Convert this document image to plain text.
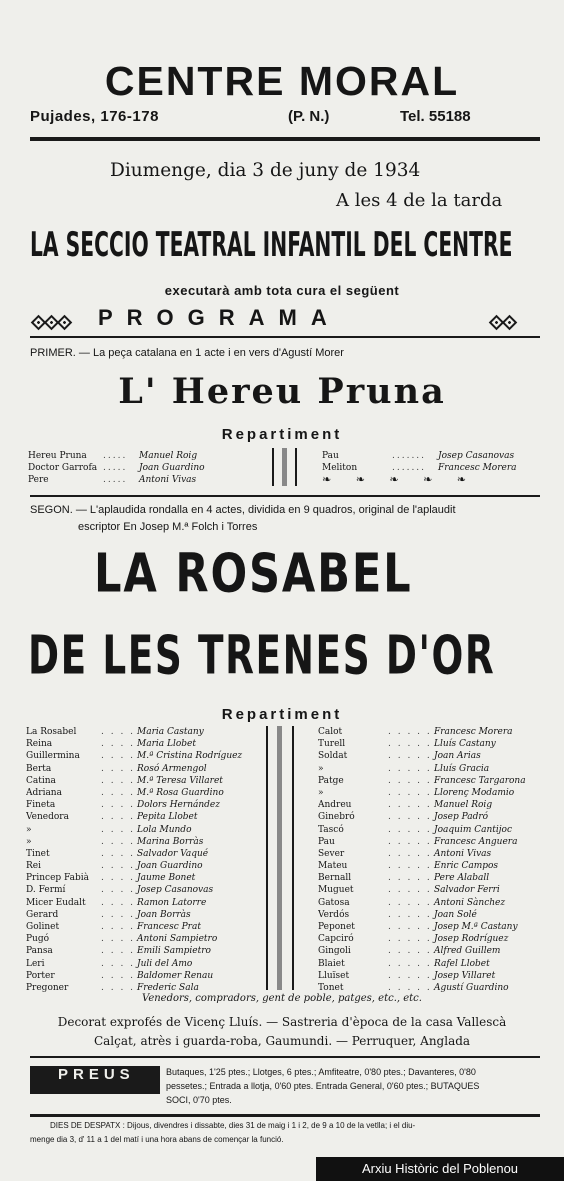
CENTRE MORAL
Pujades, 176-178	(P. N.)	Tel. 55188
Diumenge, dia 3 de juny de 1934
A les 4 de la tarda
LA SECCIO TEATRAL INFANTIL DEL CENTRE
executarà amb tota cura el següent
PROGRAMA
PRIMER. — La peça catalana en 1 acte i en vers d'Agustí Morer
L' Hereu Pruna
Repartiment
Hereu Pruna	.....	Manuel Roig
Doctor Garrofa .....	Joan Guardino
Pere	.....	Antoni Vivas
Pau	.......	Josep Casanovas
Meliton	.......	Francesc Morera
❧       ❧       ❧       ❧       ❧
SEGON. — L'aplaudida rondalla en 4 actes, dividida en 9 quadros, original de l'aplaudit
escriptor En Josep M.ª Folch i Torres
LA ROSABEL
DE LES TRENES D'OR
Repartiment
La Rosabel	. . . . Maria Castany
Reina	. . . . Maria Llobet
Guillermina	. . . . M.ª Cristina Rodríguez
Berta	. . . . Rosó Armengol
Catina	. . . . M.ª Teresa Villaret
Adriana	. . . . M.ª Rosa Guardino
Fineta	. . . . Dolors Hernández
Venedora	. . . . Pepita Llobet
»	. . . . Lola Mundo
»	. . . . Marina Borràs
Tinet	. . . . Salvador Vaqué
Rei	. . . . Joan Guardino
Princep Fabià	. . . . Jaume Bonet
D. Fermí	. . . . Josep Casanovas
Micer Eudalt	. . . . Ramon Latorre
Gerard	. . . . Joan Borràs
Golinet	. . . . Francesc Prat
Pugó	. . . . Antoni Sampietro
Pansa	. . . . Emili Sampietro
Leri	. . . . Juli del Amo
Porter	. . . . Baldomer Renau
Pregoner	. . . . Frederic Sala
Calot	. . . . . Francesc Morera
Turell	. . . . . Lluís Castany
Soldat	. . . . . Joan Arias
»	. . . . . Lluís Gracia
Patge	. . . . . Francesc Targarona
»	. . . . . Llorenç Modamio
Andreu	. . . . . Manuel Roig
Ginebró	. . . . . Josep Padró
Tascó	. . . . . Joaquim Cantijoc
Pau	. . . . . Francesc Anguera
Sever	. . . . . Antoni Vivas
Mateu	. . . . . Enric Campos
Bernall	. . . . . Pere Alaball
Muguet	. . . . . Salvador Ferri
Gatosa	. . . . . Antoni Sànchez
Verdós	. . . . . Joan Solé
Peponet	. . . . . Josep M.ª Castany
Capciró	. . . . . Josep Rodríguez
Gingoli	. . . . . Alfred Guillem
Blaiet	. . . . . Rafel Llobet
Lluïset	. . . . . Josep Villaret
Tonet	. . . . . Agustí Guardino
Venedors, compradors, gent de poble, patges, etc., etc.
Decorat exprofés de Vicenç Lluís. — Sastreria d'època de la casa Vallescà
Calçat, atrès i guarda-roba, Gaumundi. — Perruquer, Anglada
PREUS	Butaques, 1'25 ptes.; Llotges, 6 ptes.; Amfiteatre, 0'80 ptes.; Davanteres, 0'80
pessetes.; Entrada a llotja, 0'60 ptes. Entrada General, 0'60 ptes.; BUTAQUES
SOCI, 0'70 ptes.
DIES DE DESPATX : Dijous, divendres i dissabte, dies 31 de maig i 1 i 2, de 9 a 10 de la vetlla; i el diu-
menge dia 3, d' 11 a 1 del matí i una hora abans de començar la funció.
Arxiu Històric del Poblenou
